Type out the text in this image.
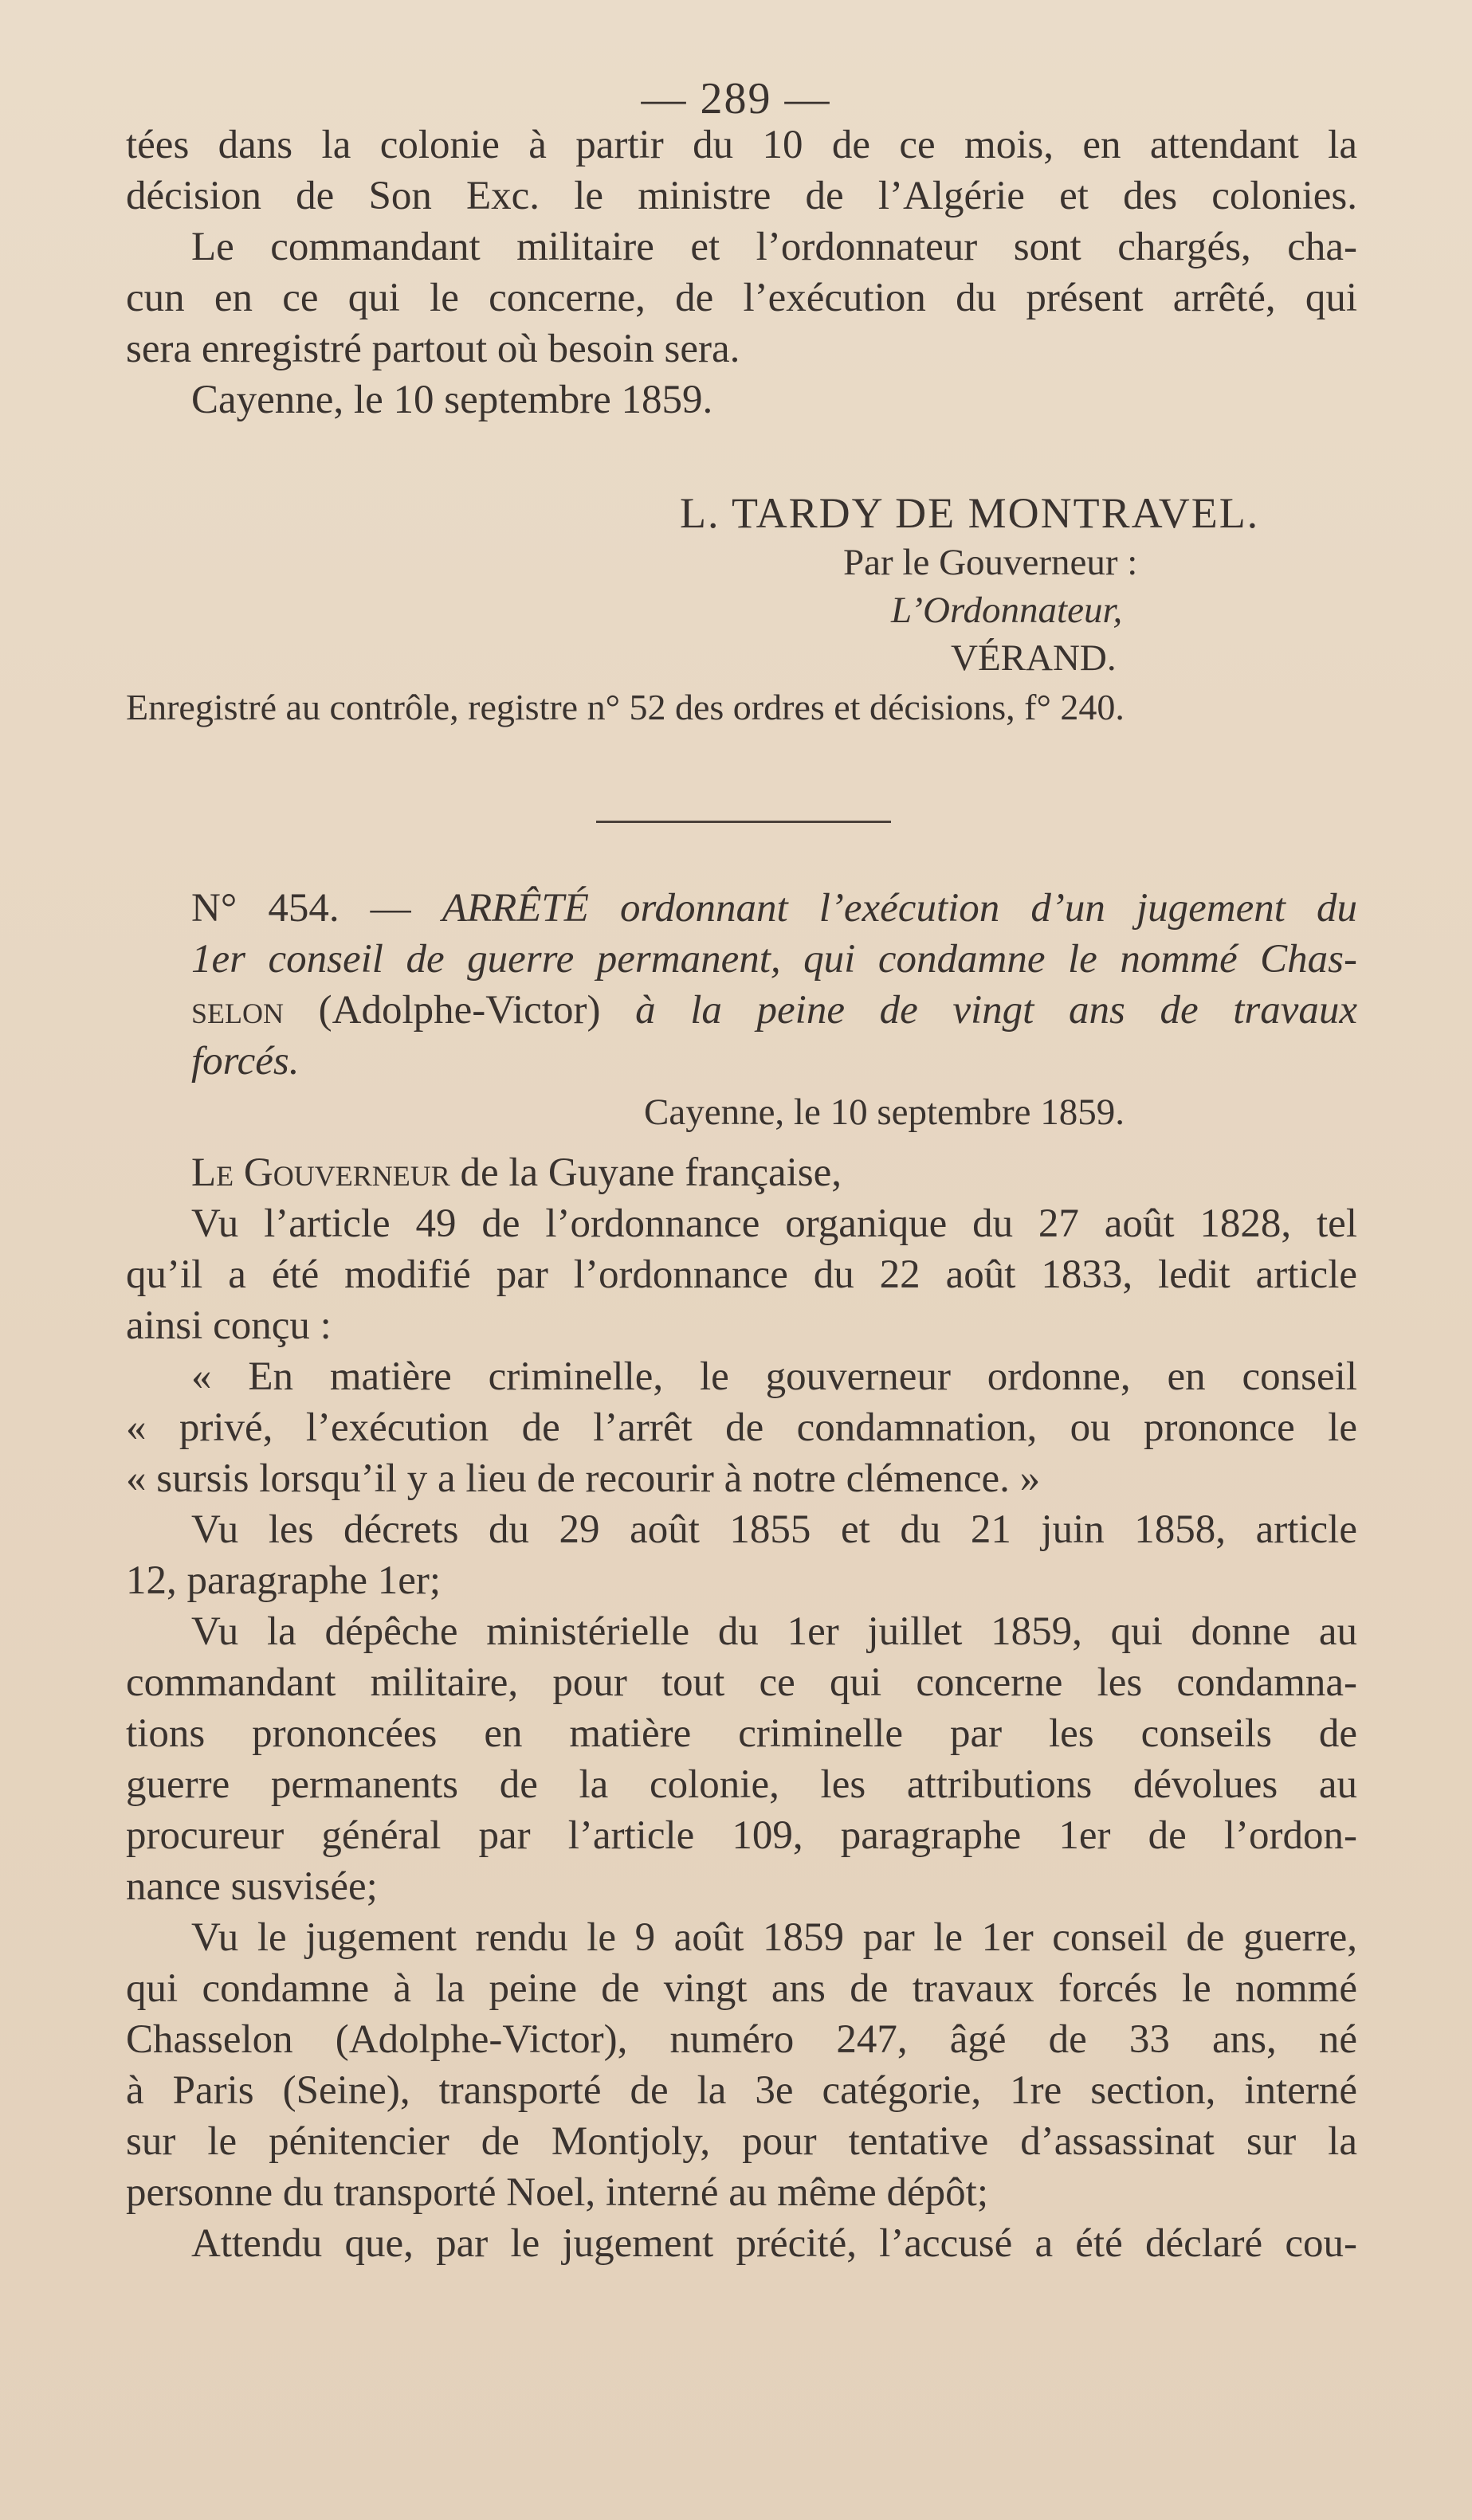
— 289 —
tées dans la colonie à partir du 10 de ce mois, en attendant la
décision de Son Exc. le ministre de l’Algérie et des colonies.
Le commandant militaire et l’ordonnateur sont chargés, cha-
cun en ce qui le concerne, de l’exécution du présent arrêté, qui
sera enregistré partout où besoin sera.
Cayenne, le 10 septembre 1859.
L. TARDY DE MONTRAVEL.
Par le Gouverneur :
L’Ordonnateur,
VÉRAND.
Enregistré au contrôle, registre n° 52 des ordres et décisions, f° 240.
N° 454. — ARRÊTÉ ordonnant l’exécution d’un jugement du
1er conseil de guerre permanent, qui condamne le nommé Chas-
selon (Adolphe-Victor) à la peine de vingt ans de travaux
forcés.
Cayenne, le 10 septembre 1859.
Le Gouverneur de la Guyane française,
Vu l’article 49 de l’ordonnance organique du 27 août 1828, tel
qu’il a été modifié par l’ordonnance du 22 août 1833, ledit article
ainsi conçu :
« En matière criminelle, le gouverneur ordonne, en conseil
« privé, l’exécution de l’arrêt de condamnation, ou prononce le
« sursis lorsqu’il y a lieu de recourir à notre clémence. »
Vu les décrets du 29 août 1855 et du 21 juin 1858, article
12, paragraphe 1er;
Vu la dépêche ministérielle du 1er juillet 1859, qui donne au
commandant militaire, pour tout ce qui concerne les condamna-
tions prononcées en matière criminelle par les conseils de
guerre permanents de la colonie, les attributions dévolues au
procureur général par l’article 109, paragraphe 1er de l’ordon-
nance susvisée;
Vu le jugement rendu le 9 août 1859 par le 1er conseil de guerre,
qui condamne à la peine de vingt ans de travaux forcés le nommé
Chasselon (Adolphe-Victor), numéro 247, âgé de 33 ans, né
à Paris (Seine), transporté de la 3e catégorie, 1re section, interné
sur le pénitencier de Montjoly, pour tentative d’assassinat sur la
personne du transporté Noel, interné au même dépôt;
Attendu que, par le jugement précité, l’accusé a été déclaré cou-
